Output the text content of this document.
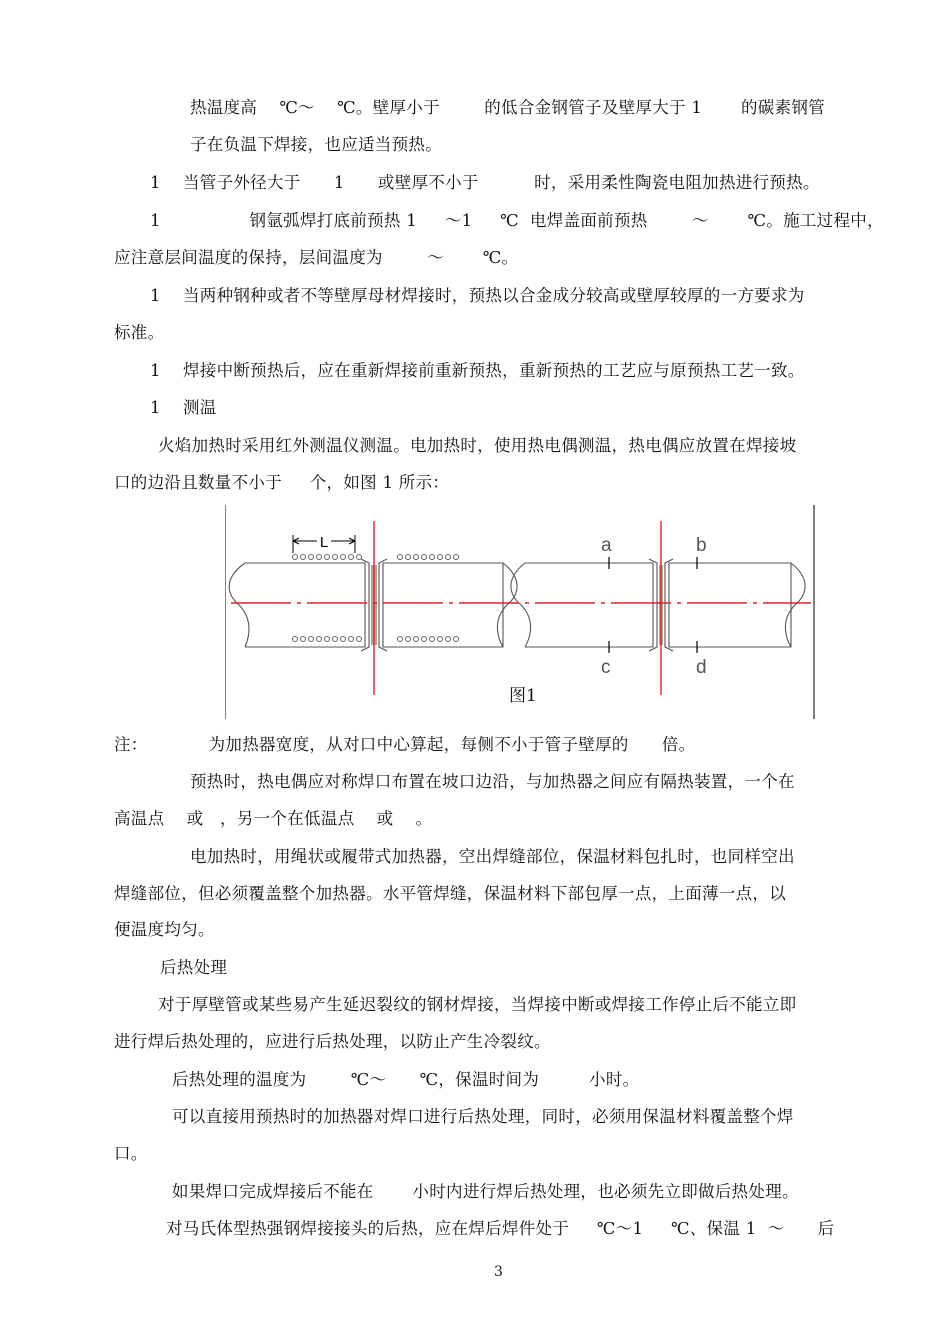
热温度高    ℃～    ℃。壁厚小于        的低合金钢管子及壁厚大于 1       的碳素钢管
子在负温下焊接，也应适当预热。
1    当管子外径大于      1      或壁厚不小于          时，采用柔性陶瓷电阻加热进行预热。
1                钢氩弧焊打底前预热 1     ～1     ℃  电焊盖面前预热        ～       ℃。施工过程中，
应注意层间温度的保持，层间温度为        ～       ℃。
1    当两种钢种或者不等壁厚母材焊接时，预热以合金成分较高或壁厚较厚的一方要求为
标准。
1    焊接中断预热后，应在重新焊接前重新预热，重新预热的工艺应与原预热工艺一致。
1    测温
火焰加热时采用红外测温仪测温。电加热时，使用热电偶测温，热电偶应放置在焊接坡
口的边沿且数量不小于     个，如图 1 所示：
L	a	b
c	d
图1
注：           为加热器宽度，从对口中心算起，每侧不小于管子壁厚的      倍。
预热时，热电偶应对称焊口布置在坡口边沿，与加热器之间应有隔热装置，一个在
高温点    或   ，另一个在低温点    或    。
电加热时，用绳状或履带式加热器，空出焊缝部位，保温材料包扎时，也同样空出
焊缝部位，但必须覆盖整个加热器。水平管焊缝，保温材料下部包厚一点，上面薄一点，以
便温度均匀。
后热处理
对于厚壁管或某些易产生延迟裂纹的钢材焊接，当焊接中断或焊接工作停止后不能立即
进行焊后热处理的，应进行后热处理，以防止产生冷裂纹。
后热处理的温度为        ℃～      ℃，保温时间为         小时。
可以直接用预热时的加热器对焊口进行后热处理，同时，必须用保温材料覆盖整个焊
口。
如果焊口完成焊接后不能在       小时内进行焊后热处理，也必须先立即做后热处理。
对马氏体型热强钢焊接接头的后热，应在焊后焊件处于     ℃～1     ℃、保温 1  ～      后
3
